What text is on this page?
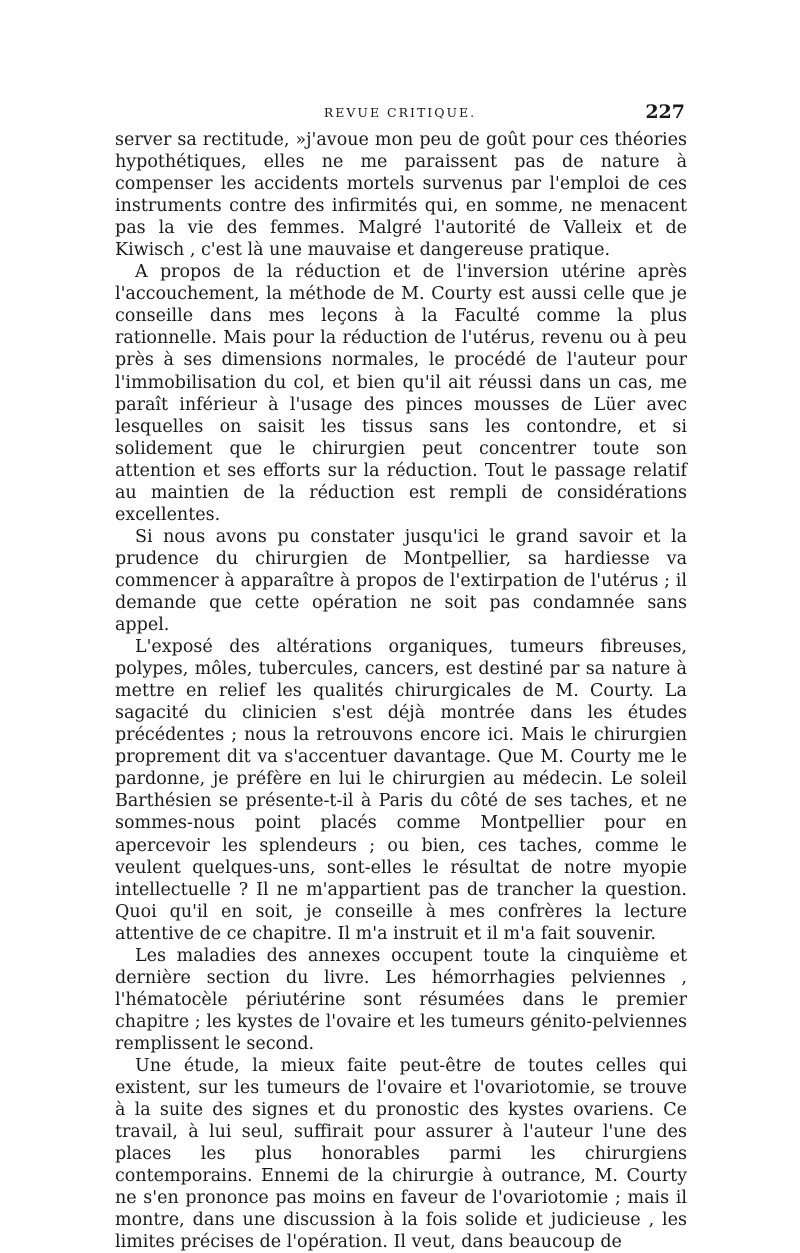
REVUE CRITIQUE.	227

server sa rectitude, »j'avoue mon peu de goût pour ces théories hypothétiques, elles ne me paraissent pas de nature à compenser les accidents mortels survenus par l'emploi de ces instruments contre des infirmités qui, en somme, ne menacent pas la vie des femmes. Malgré l'autorité de Valleix et de Kiwisch , c'est là une mauvaise et dangereuse pratique.

A propos de la réduction et de l'inversion utérine après l'accouchement, la méthode de M. Courty est aussi celle que je conseille dans mes leçons à la Faculté comme la plus rationnelle. Mais pour la réduction de l'utérus, revenu ou à peu près à ses dimensions normales, le procédé de l'auteur pour l'immobilisation du col, et bien qu'il ait réussi dans un cas, me paraît inférieur à l'usage des pinces mousses de Lüer avec lesquelles on saisit les tissus sans les contondre, et si solidement que le chirurgien peut concentrer toute son attention et ses efforts sur la réduction. Tout le passage relatif au maintien de la réduction est rempli de considérations excellentes.

Si nous avons pu constater jusqu'ici le grand savoir et la prudence du chirurgien de Montpellier, sa hardiesse va commencer à apparaître à propos de l'extirpation de l'utérus ; il demande que cette opération ne soit pas condamnée sans appel.

L'exposé des altérations organiques, tumeurs fibreuses, polypes, môles, tubercules, cancers, est destiné par sa nature à mettre en relief les qualités chirurgicales de M. Courty. La sagacité du clinicien s'est déjà montrée dans les études précédentes ; nous la retrouvons encore ici. Mais le chirurgien proprement dit va s'accentuer davantage. Que M. Courty me le pardonne, je préfère en lui le chirurgien au médecin. Le soleil Barthésien se présente-t-il à Paris du côté de ses taches, et ne sommes-nous point placés comme Montpellier pour en apercevoir les splendeurs ; ou bien, ces taches, comme le veulent quelques-uns, sont-elles le résultat de notre myopie intellectuelle ? Il ne m'appartient pas de trancher la question. Quoi qu'il en soit, je conseille à mes confrères la lecture attentive de ce chapitre. Il m'a instruit et il m'a fait souvenir.

Les maladies des annexes occupent toute la cinquième et dernière section du livre. Les hémorrhagies pelviennes , l'hématocèle périutérine sont résumées dans le premier chapitre ; les kystes de l'ovaire et les tumeurs génito-pelviennes remplissent le second.

Une étude, la mieux faite peut-être de toutes celles qui existent, sur les tumeurs de l'ovaire et l'ovariotomie, se trouve à la suite des signes et du pronostic des kystes ovariens. Ce travail, à lui seul, suffirait pour assurer à l'auteur l'une des places les plus honorables parmi les chirurgiens contemporains. Ennemi de la chirurgie à outrance, M. Courty ne s'en prononce pas moins en faveur de l'ovariotomie ; mais il montre, dans une discussion à la fois solide et judicieuse , les limites précises de l'opération. Il veut, dans beaucoup de
